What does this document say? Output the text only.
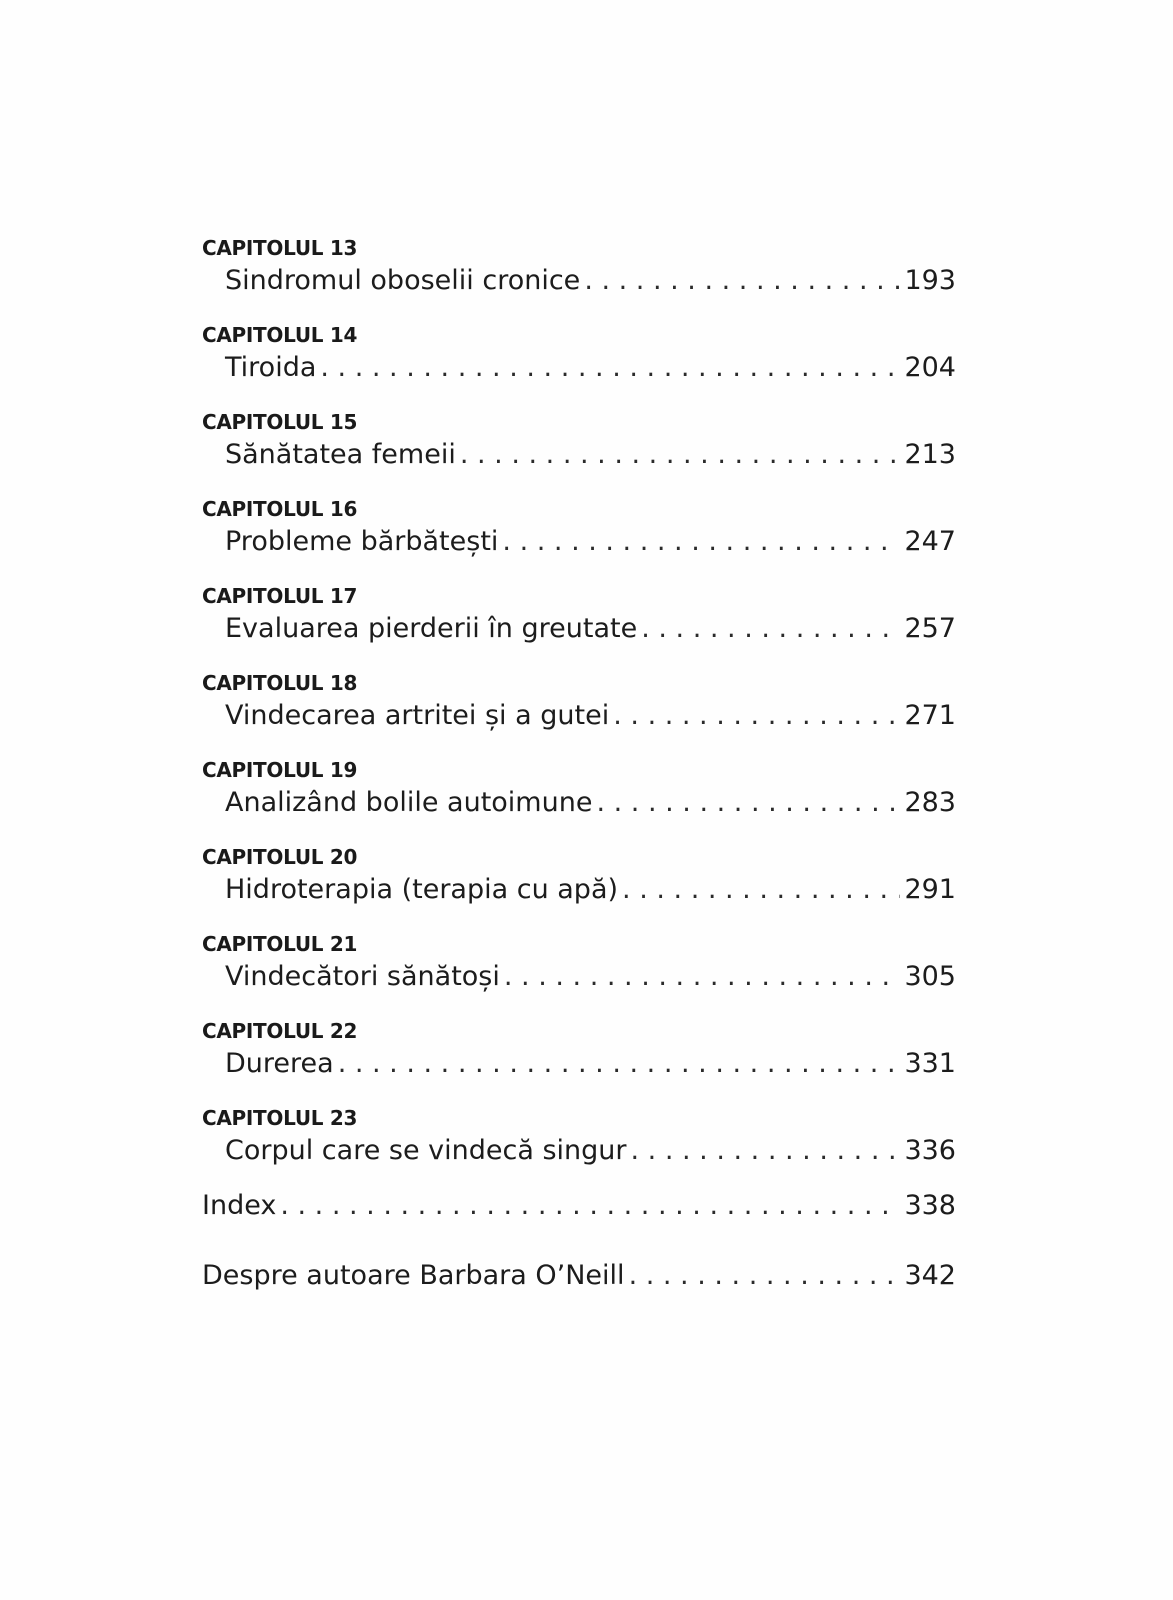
CAPITOLUL 13
Sindromul oboselii cronice . . .	193
CAPITOLUL 14
Tiroida . . .	204
CAPITOLUL 15
Sănătatea femeii . . .	213
CAPITOLUL 16
Probleme bărbătești . . .	247
CAPITOLUL 17
Evaluarea pierderii în greutate . . .	257
CAPITOLUL 18
Vindecarea artritei și a gutei . . .	271
CAPITOLUL 19
Analizând bolile autoimune . . .	283
CAPITOLUL 20
Hidroterapia (terapia cu apă) . . .	291
CAPITOLUL 21
Vindecători sănătoși . . .	305
CAPITOLUL 22
Durerea . . .	331
CAPITOLUL 23
Corpul care se vindecă singur . . .	336
Index . . .	338
Despre autoare Barbara O’Neill . . .	342
